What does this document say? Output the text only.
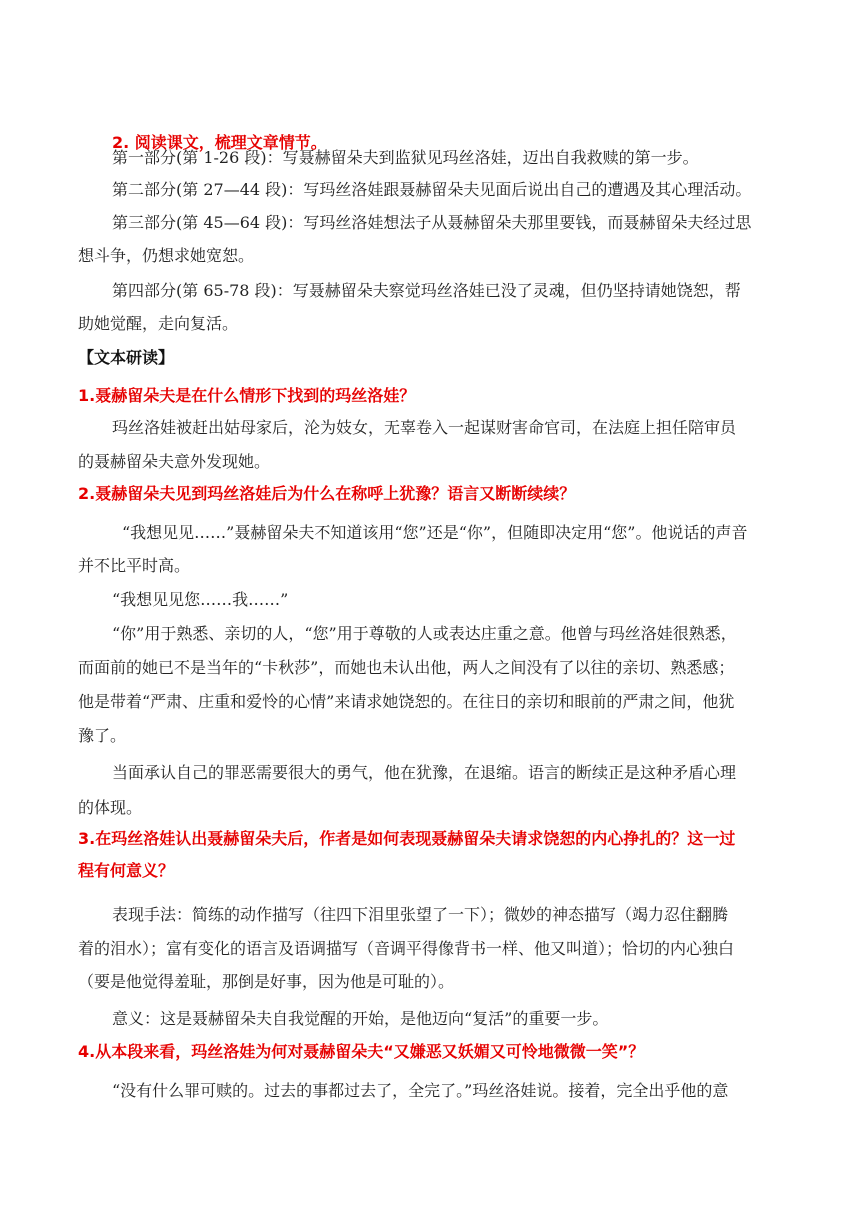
2. 阅读课文，梳理文章情节。
第一部分(第 1-26 段)：写聂赫留朵夫到监狱见玛丝洛娃，迈出自我救赎的第一步。
第二部分(第 27—44 段)：写玛丝洛娃跟聂赫留朵夫见面后说出自己的遭遇及其心理活动。
第三部分(第 45—64 段)：写玛丝洛娃想法子从聂赫留朵夫那里要钱，而聂赫留朵夫经过思
想斗争，仍想求她宽恕。
第四部分(第 65-78 段)：写聂赫留朵夫察觉玛丝洛娃已没了灵魂，但仍坚持请她饶恕，帮
助她觉醒，走向复活。
【文本研读】
1.聂赫留朵夫是在什么情形下找到的玛丝洛娃？
玛丝洛娃被赶出姑母家后，沦为妓女，无辜卷入一起谋财害命官司，在法庭上担任陪审员
的聂赫留朵夫意外发现她。
2.聂赫留朵夫见到玛丝洛娃后为什么在称呼上犹豫？语言又断断续续？
“我想见见……”聂赫留朵夫不知道该用“您”还是“你”，但随即决定用“您”。他说话的声音
并不比平时高。
“我想见见您……我……”
“你”用于熟悉、亲切的人，“您”用于尊敬的人或表达庄重之意。他曾与玛丝洛娃很熟悉，
而面前的她已不是当年的“卡秋莎”，而她也未认出他，两人之间没有了以往的亲切、熟悉感；
他是带着“严肃、庄重和爱怜的心情”来请求她饶恕的。在往日的亲切和眼前的严肃之间，他犹
豫了。
当面承认自己的罪恶需要很大的勇气，他在犹豫，在退缩。语言的断续正是这种矛盾心理
的体现。
3.在玛丝洛娃认出聂赫留朵夫后，作者是如何表现聂赫留朵夫请求饶恕的内心挣扎的？这一过
程有何意义？
表现手法：简练的动作描写（往四下泪里张望了一下）；微妙的神态描写（竭力忍住翻腾
着的泪水）；富有变化的语言及语调描写（音调平得像背书一样、他又叫道）；恰切的内心独白
（要是他觉得羞耻，那倒是好事，因为他是可耻的）。
意义：这是聂赫留朵夫自我觉醒的开始，是他迈向“复活”的重要一步。
4.从本段来看，玛丝洛娃为何对聂赫留朵夫“又嫌恶又妖媚又可怜地微微一笑”？
“没有什么罪可赎的。过去的事都过去了，全完了。”玛丝洛娃说。接着，完全出乎他的意
